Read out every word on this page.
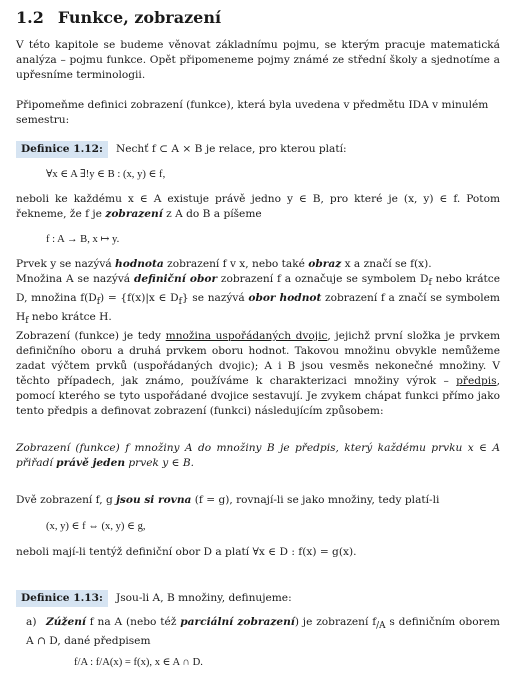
1.2 Funkce, zobrazení
V této kapitole se budeme věnovat základnímu pojmu, se kterým pracuje matematická analýza – pojmu funkce. Opět připomeneme pojmy známé ze střední školy a sjednotíme a upřesníme terminologii.
Připomeňme definici zobrazení (funkce), která byla uvedena v předmětu IDA v minulém semestru:
Definice 1.12: Nechť f ⊂ A × B je relace, pro kterou platí:
∀x ∈ A ∃!y ∈ B : (x, y) ∈ f,
neboli ke každému x ∈ A existuje právě jedno y ∈ B, pro které je (x, y) ∈ f. Potom řekneme, že f je zobrazení z A do B a píšeme
f : A → B, x ↦ y.
Prvek y se nazývá hodnota zobrazení f v x, nebo také obraz x a značí se f(x).
Množina A se nazývá definiční obor zobrazení f a označuje se symbolem $D_f$ nebo krátce D, množina $f(D_f) = \{f(x)|x$ ∈ $D_f$} se nazývá obor hodnot zobrazení f a značí se symbolem $H_f$ nebo krátce H.
Zobrazení (funkce) je tedy množina uspořádaných dvojic, jejichž první složka je prvkem definičního oboru a druhá prvkem oboru hodnot. Takovou množinu obvykle nemůžeme zadat výčtem prvků (uspořádaných dvojic); A i B jsou vesměs nekonečné množiny. V těchto případech, jak známo, používáme k charakterizaci množiny výrok – předpis, pomocí kterého se tyto uspořádané dvojice sestavují. Je zvykem chápat funkci přímo jako tento předpis a definovat zobrazení (funkci) následujícím způsobem:
Zobrazení (funkce) f množiny A do množiny B je předpis, který každému prvku x ∈ A přiřadí právě jeden prvek y ∈ B.
Dvě zobrazení f, g jsou si rovna (f = g), rovnají-li se jako množiny, tedy platí-li
(x, y) ∈ f ⇔ (x, y) ∈ g,
neboli mají-li tentýž definiční obor D a platí ∀x ∈ D : f(x) = g(x).
Definice 1.13: Jsou-li A, B množiny, definujeme:
a) Zúžení f na A (nebo též parciální zobrazení) je zobrazení $f_{/A}$ s definičním oborem A ∩ D, dané předpisem
f/A : f/A(x) = f(x), x ∈ A ∩ D.
